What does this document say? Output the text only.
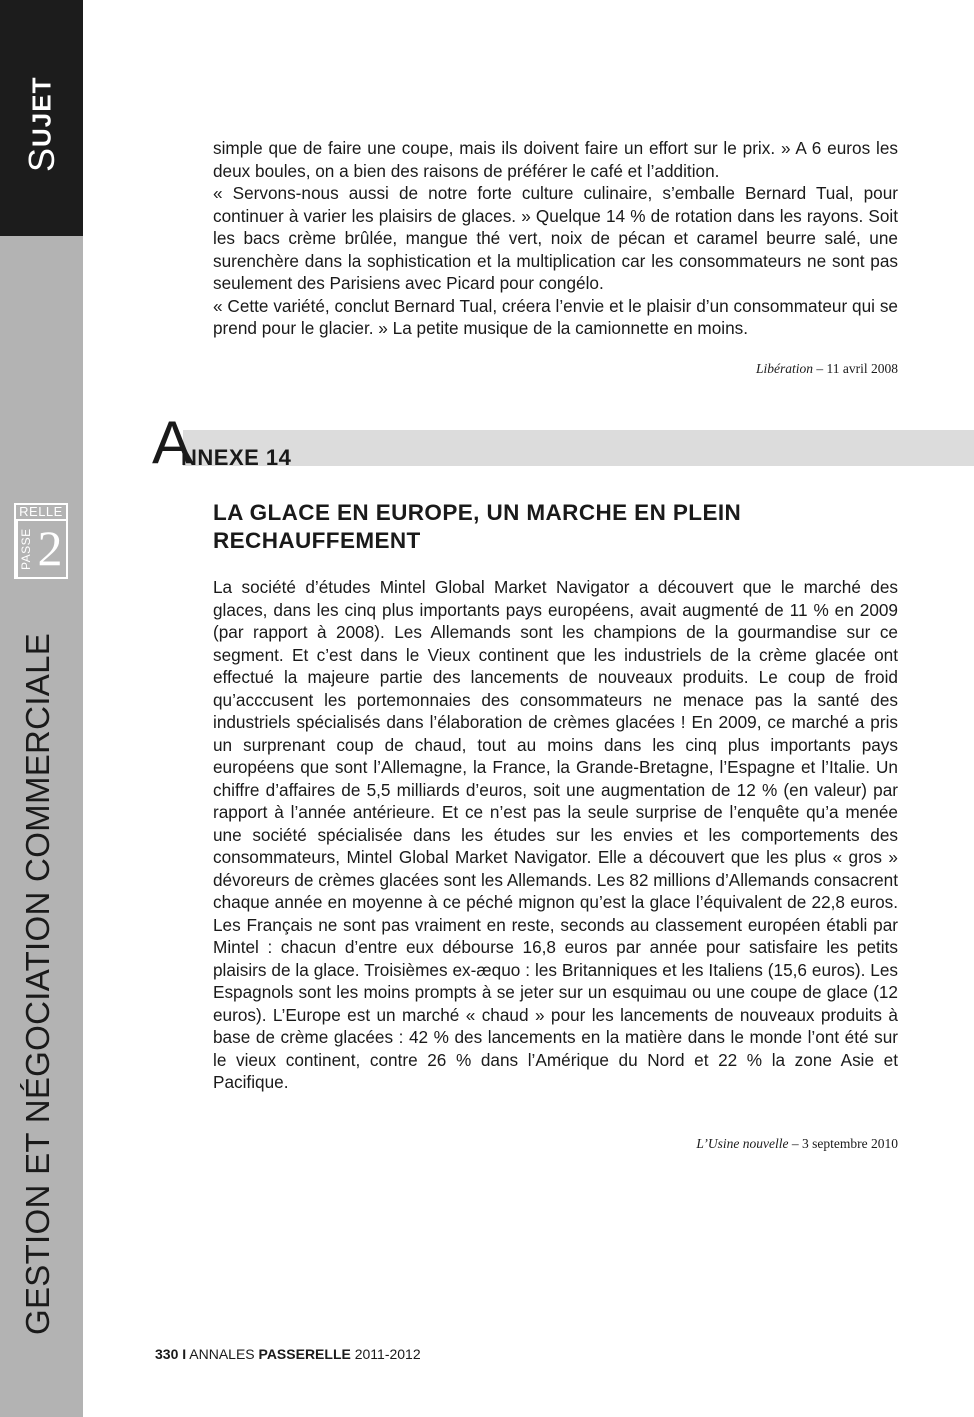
S
UJET
RELLE
PASSE 2
GESTION ET NÉGOCIATION COMMERCIALE

simple que de faire une coupe, mais ils doivent faire un effort sur le prix. » A 6 euros les deux boules, on a bien des raisons de préférer le café et l’addition.

« Servons-nous aussi de notre forte culture culinaire, s’emballe Bernard Tual, pour continuer à varier les plaisirs de glaces. » Quelque 14 % de rotation dans les rayons. Soit les bacs crème brûlée, mangue thé vert, noix de pécan et caramel beurre salé, une surenchère dans la sophistication et la multiplication car les consommateurs ne sont pas seulement des Parisiens avec Picard pour congélo.

« Cette variété, conclut Bernard Tual, créera l’envie et le plaisir d’un consommateur qui se prend pour le glacier. » La petite musique de la camionnette en moins.

Libération – 11 avril 2008
A
NNEXE 14
LA GLACE EN EUROPE, UN MARCHE EN PLEIN RECHAUFFEMENT

La société d’études Mintel Global Market Navigator a découvert que le marché des glaces, dans les cinq plus importants pays européens, avait augmenté de 11 % en 2009 (par rapport à 2008). Les Allemands sont les champions de la gourmandise sur ce segment. Et c’est dans le Vieux continent que les industriels de la crème glacée ont effectué la majeure partie des lancements de nouveaux produits. Le coup de froid qu’acccusent les portemonnaies des consommateurs ne menace pas la santé des industriels spécialisés dans l’élaboration de crèmes glacées ! En 2009, ce marché a pris un surprenant coup de chaud, tout au moins dans les cinq plus importants pays européens que sont l’Allemagne, la France, la Grande-Bretagne, l’Espagne et l’Italie. Un chiffre d’affaires de 5,5 milliards d’euros, soit une augmentation de 12 % (en valeur) par rapport à l’année antérieure. Et ce n’est pas la seule surprise de l’enquête qu’a menée une société spécialisée dans les études sur les envies et les comportements des consommateurs, Mintel Global Market Navigator. Elle a découvert que les plus « gros » dévoreurs de crèmes glacées sont les Allemands. Les 82 millions d’Allemands consacrent chaque année en moyenne à ce péché mignon qu’est la glace l’équivalent de 22,8 euros. Les Français ne sont pas vraiment en reste, seconds au classement européen établi par Mintel : chacun d’entre eux débourse 16,8 euros par année pour satisfaire les petits plaisirs de la glace. Troisièmes ex-æquo : les Britanniques et les Italiens (15,6 euros). Les Espagnols sont les moins prompts à se jeter sur un esquimau ou une coupe de glace (12 euros). L’Europe est un marché « chaud » pour les lancements de nouveaux produits à base de crème glacées : 42 % des lancements en la matière dans le monde l’ont été sur le vieux continent, contre 26 % dans l’Amérique du Nord et 22 % la zone Asie et Pacifique.

L’Usine nouvelle – 3 septembre 2010
330 I ANNALES PASSERELLE 2011-2012
